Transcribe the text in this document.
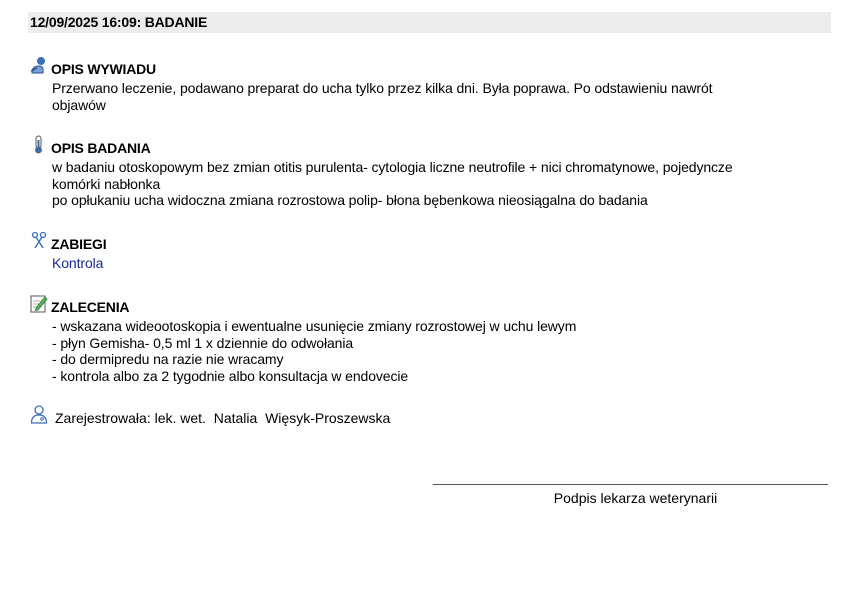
12/09/2025 16:09: BADANIE
OPIS WYWIADU
Przerwano leczenie, podawano preparat do ucha tylko przez kilka dni. Była poprawa. Po odstawieniu nawrót
objawów
OPIS BADANIA
w badaniu otoskopowym bez zmian otitis purulenta- cytologia liczne neutrofile + nici chromatynowe, pojedyncze
komórki nabłonka
po opłukaniu ucha widoczna zmiana rozrostowa polip- błona bębenkowa nieosiągalna do badania
ZABIEGI
Kontrola
ZALECENIA
- wskazana wideootoskopia i ewentualne usunięcie zmiany rozrostowej w uchu lewym
- płyn Gemisha- 0,5 ml 1 x dziennie do odwołania
- do dermipredu na razie nie wracamy
- kontrola albo za 2 tygodnie albo konsultacja w endovecie
Zarejestrowała: lek. wet.  Natalia  Więsyk-Proszewska
Podpis lekarza weterynarii
